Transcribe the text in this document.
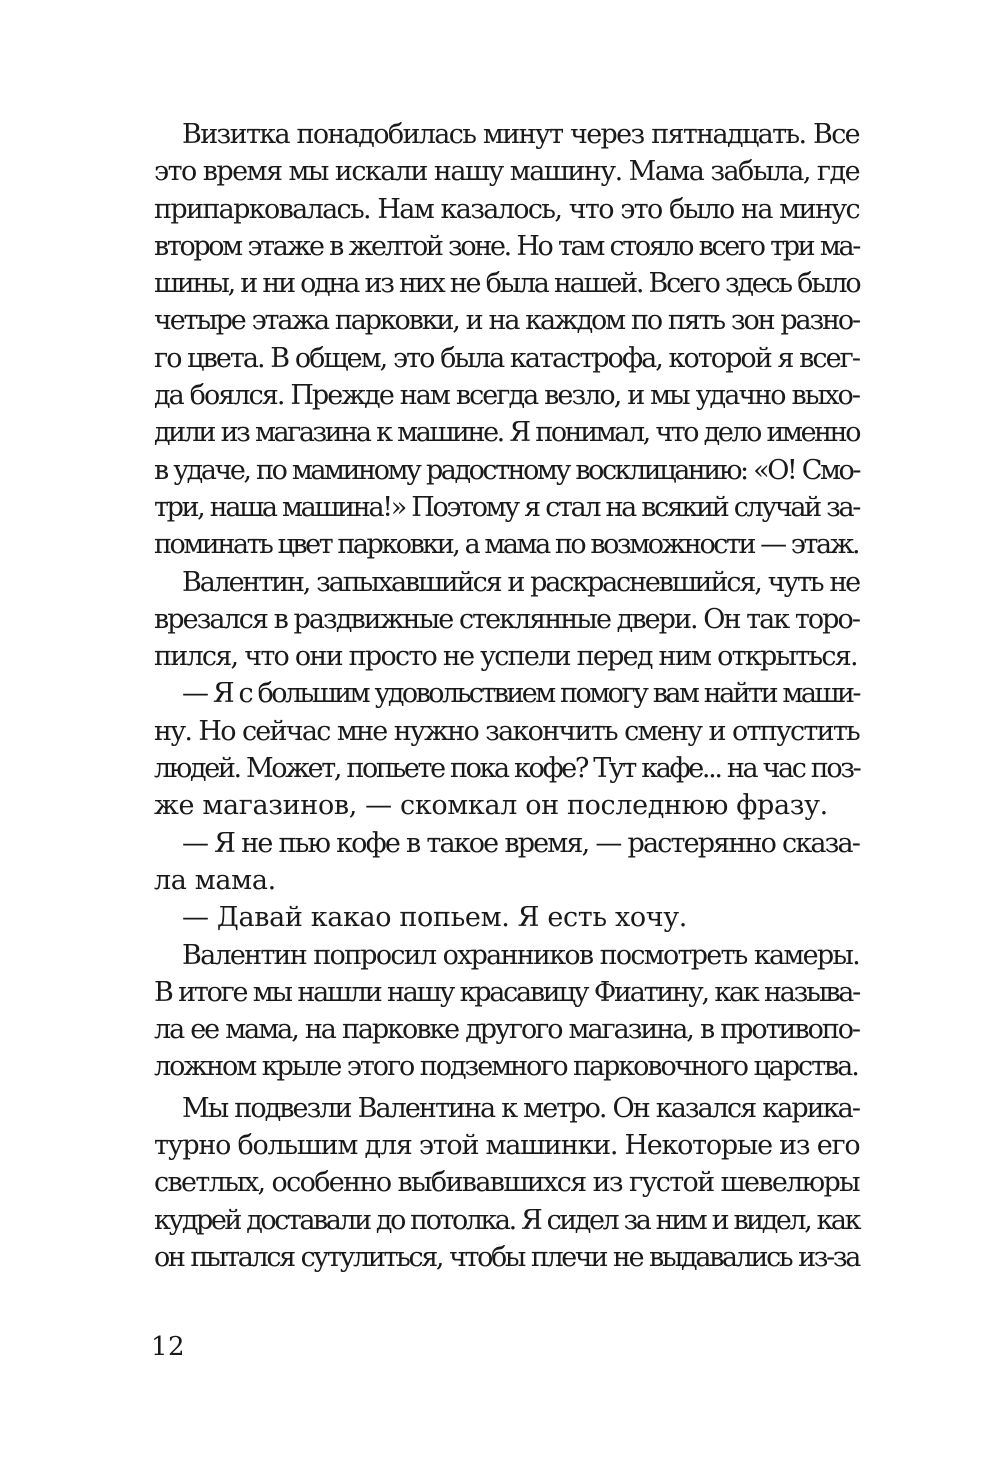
Визитка понадобилась минут через пятнадцать. Все
это время мы искали нашу машину. Мама забыла, где
припарковалась. Нам казалось, что это было на минус
втором этаже в желтой зоне. Но там стояло всего три ма-
шины, и ни одна из них не была нашей. Всего здесь было
четыре этажа парковки, и на каждом по пять зон разно-
го цвета. В общем, это была катастрофа, которой я всег-
да боялся. Прежде нам всегда везло, и мы удачно выхо-
дили из магазина к машине. Я понимал, что дело именно
в удаче, по маминому радостному восклицанию: «О! Смо-
три, наша машина!» Поэтому я стал на всякий случай за-
поминать цвет парковки, а мама по возможности — этаж.
Валентин, запыхавшийся и раскрасневшийся, чуть не
врезался в раздвижные стеклянные двери. Он так торо-
пился, что они просто не успели перед ним открыться.
— Я с большим удовольствием помогу вам найти маши-
ну. Но сейчас мне нужно закончить смену и отпустить
людей. Может, попьете пока кофе? Тут кафе... на час поз-
же магазинов, — скомкал он последнюю фразу.
— Я не пью кофе в такое время, — растерянно сказа-
ла мама.
— Давай какао попьем. Я есть хочу.
Валентин попросил охранников посмотреть камеры.
В итоге мы нашли нашу красавицу Фиатину, как называ-
ла ее мама, на парковке другого магазина, в противопо-
ложном крыле этого подземного парковочного царства.
Мы подвезли Валентина к метро. Он казался карика-
турно большим для этой машинки. Некоторые из его
светлых, особенно выбивавшихся из густой шевелюры
кудрей доставали до потолка. Я сидел за ним и видел, как
он пытался сутулиться, чтобы плечи не выдавались из-за
12
